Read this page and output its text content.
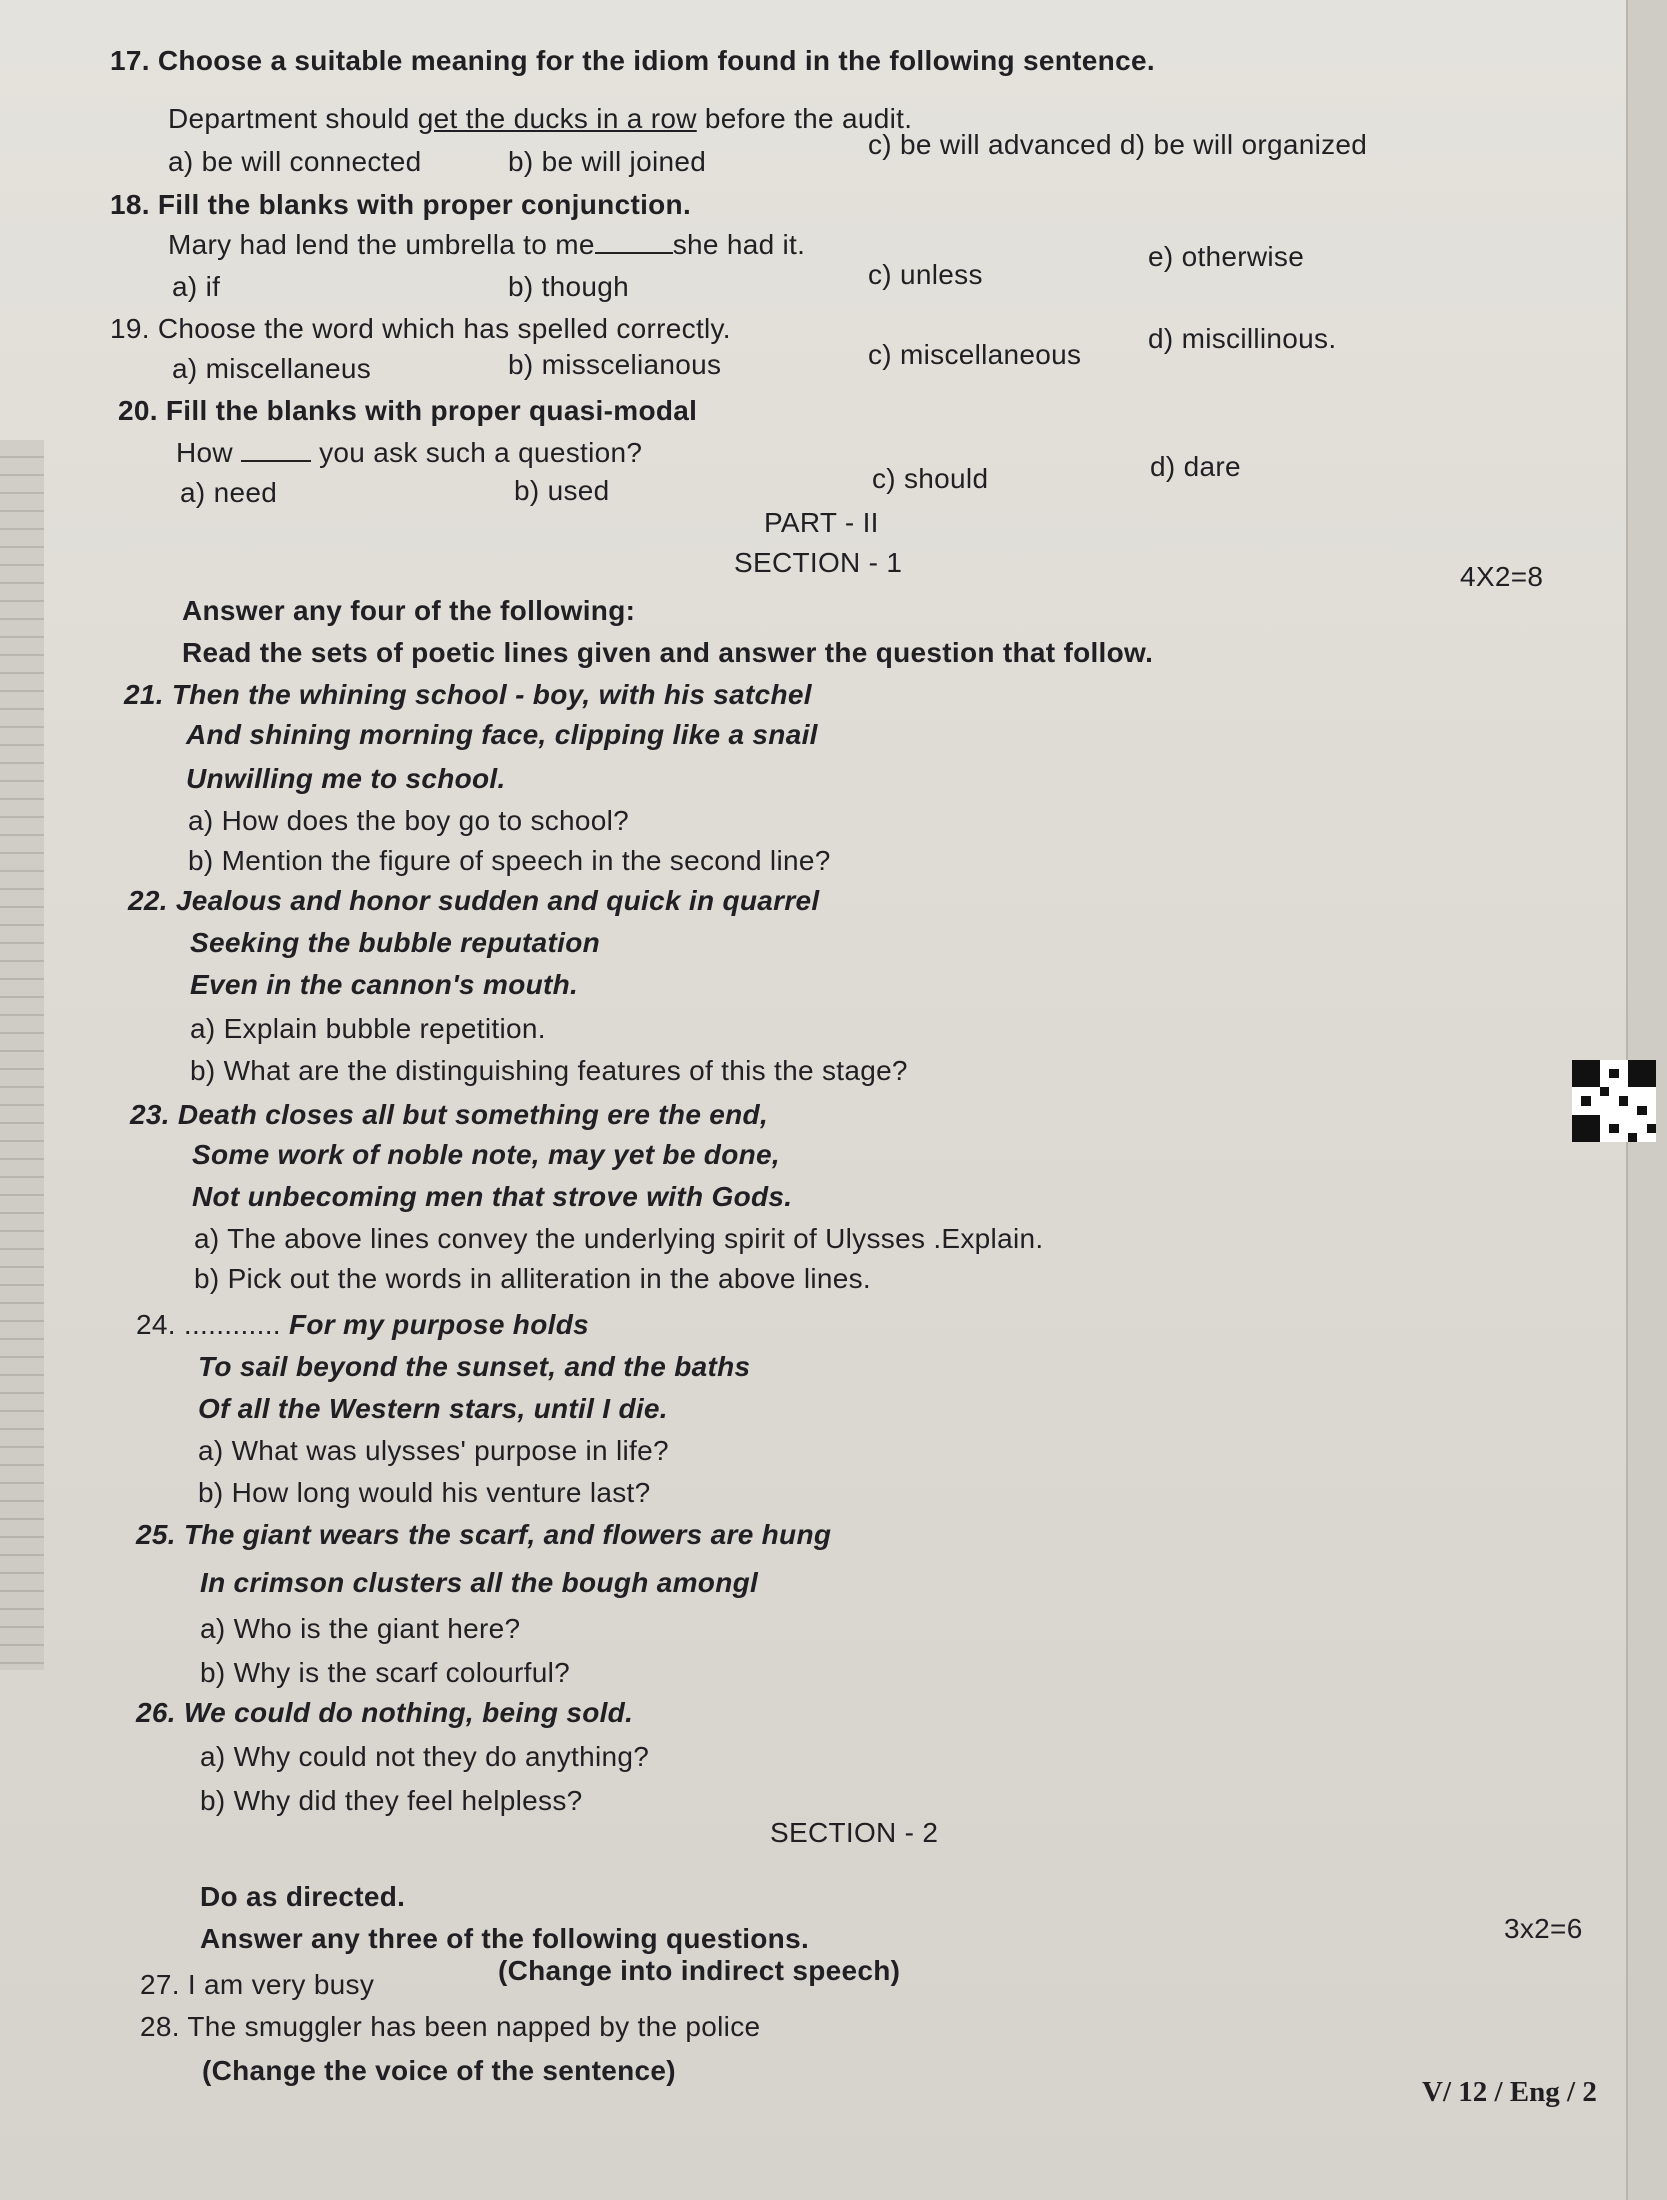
17. Choose a suitable meaning for the idiom found in the following sentence.
Department should get the ducks in a row before the audit.
a) be will connected	b) be will joined
c) be will advanced d) be will organized
18. Fill the blanks with proper conjunction.
Mary had lend the umbrella to me	she had it.
a) if	b) though	c) unless
e) otherwise
19. Choose the word which has spelled correctly.
a) miscellaneus	b) misscelianous	c) miscellaneous
d) miscillinous.
20. Fill the blanks with proper quasi-modal
How	you ask such a question?
a) need	b) used	c) should	d) dare
PART - II
SECTION - 1	4X2=8
Answer any four of the following:
Read the sets of poetic lines given and answer the question that follow.
21. Then the whining school - boy, with his satchel
And shining morning face, clipping like a snail
Unwilling me to school.
a) How does the boy go to school?
b) Mention the figure of speech in the second line?
22. Jealous and honor sudden and quick in quarrel
Seeking the bubble reputation
Even in the cannon's mouth.
a) Explain bubble repetition.
b) What are the distinguishing features of this the stage?
23. Death closes all but something ere the end,
Some work of noble note, may yet be done,
Not unbecoming men that strove with Gods.
a) The above lines convey the underlying spirit of Ulysses .Explain.
b) Pick out the words in alliteration in the above lines.
24. ............ For my purpose holds
To sail beyond the sunset, and the baths
Of all the Western stars, until I die.
a) What was ulysses' purpose in life?
b) How long would his venture last?
25. The giant wears the scarf, and flowers are hung
In crimson clusters all the bough amongl
a) Who is the giant here?
b) Why is the scarf colourful?
26. We could do nothing, being sold.
a) Why could not they do anything?
b) Why did they feel helpless?
SECTION - 2
Do as directed.
Answer any three of the following questions.	3x2=6
27. I am very busy	(Change into indirect speech)
28. The smuggler has been napped by the police
(Change the voice of the sentence)
V/ 12 / Eng / 2
